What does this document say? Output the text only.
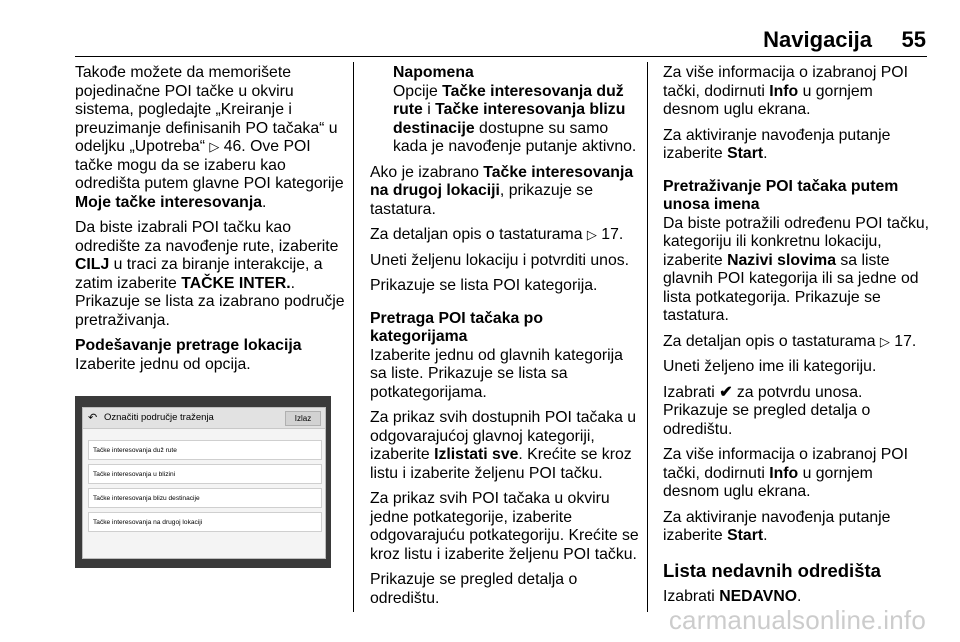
Navigacija 55

Takođe možete da memorišete pojedinačne POI tačke u okviru sistema, pogledajte „Kreiranje i preuzimanje definisanih PO tačaka“ u odeljku „Upotreba“ ▷ 46. Ove POI tačke mogu da se izaberu kao odredišta putem glavne POI kategorije Moje tačke interesovanja.

Da biste izabrali POI tačku kao odredište za navođenje rute, izaberite CILJ u traci za biranje interakcije, a zatim izaberite TAČKE INTER..
Prikazuje se lista za izabrano područje pretraživanja.

Podešavanje pretrage lokacija

Izaberite jednu od opcija.

↶ Označiti područje traženja	Izlaz
Tačke interesovanja duž rute
Tačke interesovanja u blizini
Tačke interesovanja blizu destinacije
Tačke interesovanja na drugoj lokaciji

Napomena

Opcije Tačke interesovanja duž rute i Tačke interesovanja blizu destinacije dostupne su samo kada je navođenje putanje aktivno.

Ako je izabrano Tačke interesovanja na drugoj lokaciji, prikazuje se tastatura.

Za detaljan opis o tastaturama ▷ 17.

Uneti željenu lokaciju i potvrditi unos.

Prikazuje se lista POI kategorija.

Pretraga POI tačaka po kategorijama

Izaberite jednu od glavnih kategorija sa liste. Prikazuje se lista sa potkategorijama.

Za prikaz svih dostupnih POI tačaka u odgovarajućoj glavnoj kategoriji, izaberite Izlistati sve. Krećite se kroz listu i izaberite željenu POI tačku.

Za prikaz svih POI tačaka u okviru jedne potkategorije, izaberite odgovarajuću potkategoriju. Krećite se kroz listu i izaberite željenu POI tačku.

Prikazuje se pregled detalja o odredištu.

Za više informacija o izabranoj POI tački, dodirnuti Info u gornjem desnom uglu ekrana.

Za aktiviranje navođenja putanje izaberite Start.

Pretraživanje POI tačaka putem unosa imena

Da biste potražili određenu POI tačku, kategoriju ili konkretnu lokaciju, izaberite Nazivi slovima sa liste glavnih POI kategorija ili sa jedne od lista potkategorija. Prikazuje se tastatura.

Za detaljan opis o tastaturama ▷ 17.

Uneti željeno ime ili kategoriju.

Izabrati ✔ za potvrdu unosa.

Prikazuje se pregled detalja o odredištu.

Za više informacija o izabranoj POI tački, dodirnuti Info u gornjem desnom uglu ekrana.

Za aktiviranje navođenja putanje izaberite Start.

Lista nedavnih odredišta

Izabrati NEDAVNO.

carmanualsonline.info
